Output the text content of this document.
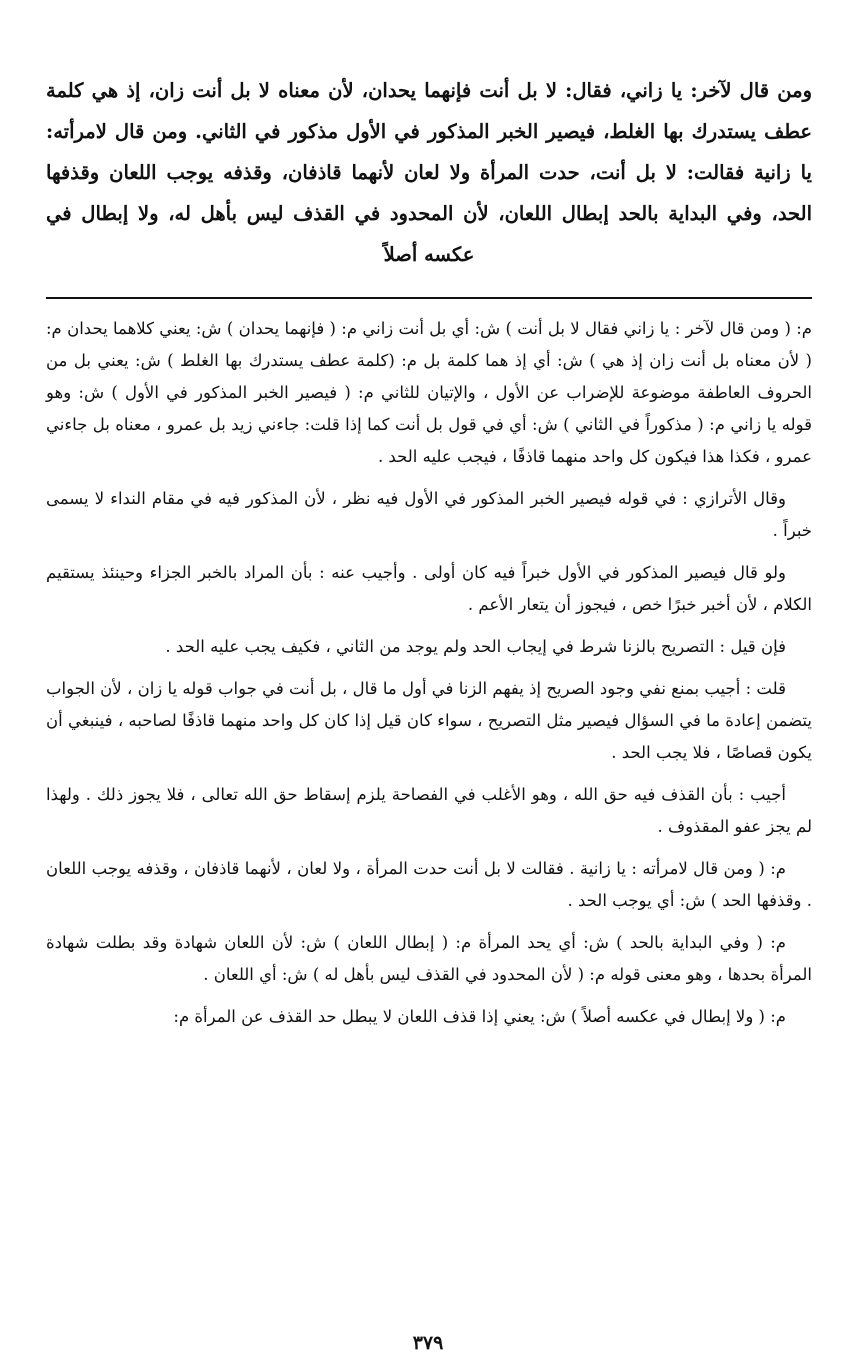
ومن قال لآخر: يا زاني، فقال: لا بل أنت فإنهما يحدان، لأن معناه لا بل أنت زان، إذ هي كلمة عطف يستدرك بها الغلط، فيصير الخبر المذكور في الأول مذكور في الثاني. ومن قال لامرأته: يا زانية فقالت: لا بل أنت، حدت المرأة ولا لعان لأنهما قاذفان، وقذفه يوجب اللعان وقذفها الحد، وفي البداية بالحد إبطال اللعان، لأن المحدود في القذف ليس بأهل له، ولا إبطال في عكسه أصلاً

م: ( ومن قال لآخر : يا زاني فقال لا بل أنت ) ش: أي بل أنت زاني م: ( فإنهما يحدان ) ش: يعني كلاهما يحدان م: ( لأن معناه بل أنت زان إذ هي ) ش: أي إذ هما كلمة بل م: (كلمة عطف يستدرك بها الغلط ) ش: يعني بل من الحروف العاطفة موضوعة للإضراب عن الأول ، والإتيان للثاني م: ( فيصير الخبر المذكور في الأول ) ش: وهو قوله يا زاني م: ( مذكوراً في الثاني ) ش: أي في قول بل أنت كما إذا قلت: جاءني زيد بل عمرو ، معناه بل جاءني عمرو ، فكذا هذا فيكون كل واحد منهما قاذفًا ، فيجب عليه الحد .

وقال الأترازي : في قوله فيصير الخبر المذكور في الأول فيه نظر ، لأن المذكور فيه في مقام النداء لا يسمى خبراً .

ولو قال فيصير المذكور في الأول خبراً فيه كان أولى . وأجيب عنه : بأن المراد بالخبر الجزاء وحينئذ يستقيم الكلام ، لأن أخبر خبرًا خص ، فيجوز أن يتعار الأعم .

فإن قيل : التصريح بالزنا شرط في إيجاب الحد ولم يوجد من الثاني ، فكيف يجب عليه الحد .

قلت : أجيب بمنع نفي وجود الصريح إذ يفهم الزنا في أول ما قال ، بل أنت في جواب قوله يا زان ، لأن الجواب يتضمن إعادة ما في السؤال فيصير مثل التصريح ، سواء كان قيل إذا كان كل واحد منهما قاذفًا لصاحبه ، فينبغي أن يكون قصاصًا ، فلا يجب الحد .

أجيب : بأن القذف فيه حق الله ، وهو الأغلب في الفصاحة يلزم إسقاط حق الله تعالى ، فلا يجوز ذلك . ولهذا لم يجز عفو المقذوف .

م: ( ومن قال لامرأته : يا زانية . فقالت لا بل أنت حدت المرأة ، ولا لعان ، لأنهما قاذفان ، وقذفه يوجب اللعان . وقذفها الحد ) ش: أي يوجب الحد .

م: ( وفي البداية بالحد ) ش: أي يحد المرأة م: ( إبطال اللعان ) ش: لأن اللعان شهادة وقد بطلت شهادة المرأة بحدها ، وهو معنى قوله م: ( لأن المحدود في القذف ليس بأهل له ) ش: أي اللعان .

م: ( ولا إبطال في عكسه أصلاً ) ش: يعني إذا قذف اللعان لا يبطل حد القذف عن المرأة م:

٣٧٩
